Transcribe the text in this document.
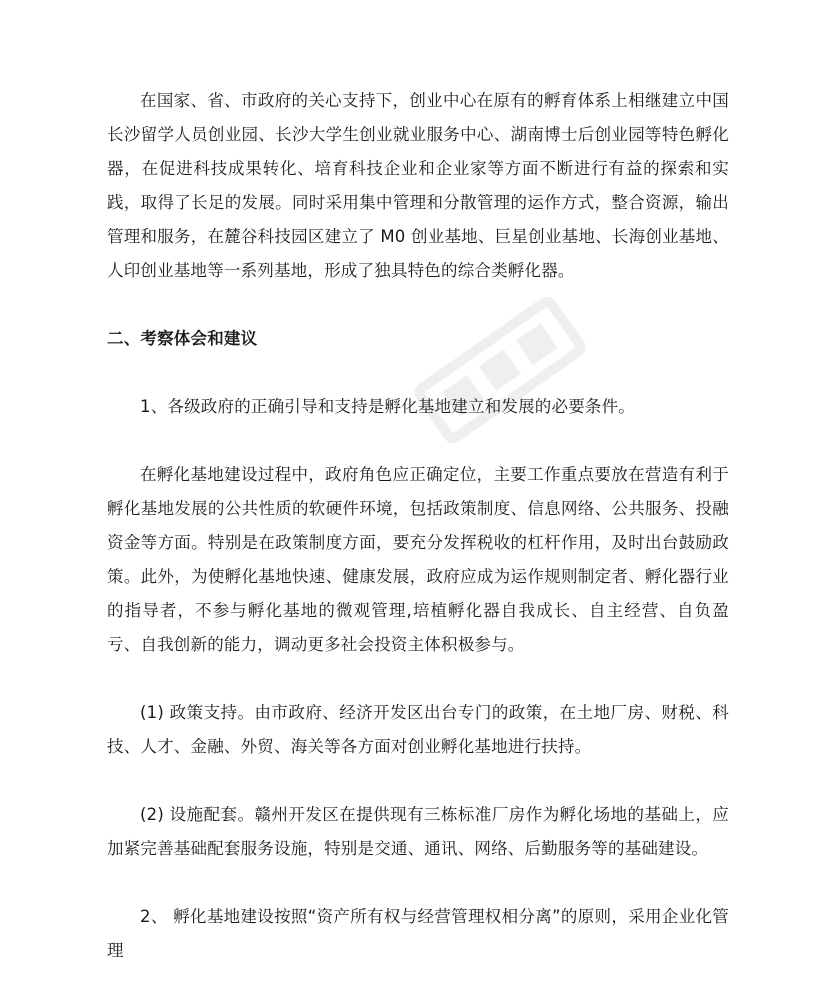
在国家、省、市政府的关心支持下，创业中心在原有的孵育体系上相继建立中国长沙留学人员创业园、长沙大学生创业就业服务中心、湖南博士后创业园等特色孵化器，在促进科技成果转化、培育科技企业和企业家等方面不断进行有益的探索和实践，取得了长足的发展。同时采用集中管理和分散管理的运作方式，整合资源，输出管理和服务，在麓谷科技园区建立了 M0 创业基地、巨星创业基地、长海创业基地、人印创业基地等一系列基地，形成了独具特色的综合类孵化器。

二、考察体会和建议

1、各级政府的正确引导和支持是孵化基地建立和发展的必要条件。

在孵化基地建设过程中，政府角色应正确定位，主要工作重点要放在营造有利于孵化基地发展的公共性质的软硬件环境，包括政策制度、信息网络、公共服务、投融资金等方面。特别是在政策制度方面，要充分发挥税收的杠杆作用，及时出台鼓励政策。此外，为使孵化基地快速、健康发展，政府应成为运作规则制定者、孵化器行业的指导者，不参与孵化基地的微观管理,培植孵化器自我成长、自主经营、自负盈亏、自我创新的能力，调动更多社会投资主体积极参与。

(1) 政策支持。由市政府、经济开发区出台专门的政策，在土地厂房、财税、科技、人才、金融、外贸、海关等各方面对创业孵化基地进行扶持。

(2) 设施配套。赣州开发区在提供现有三栋标准厂房作为孵化场地的基础上，应加紧完善基础配套服务设施，特别是交通、通讯、网络、后勤服务等的基础建设。

2、 孵化基地建设按照“资产所有权与经营管理权相分离”的原则，采用企业化管理
